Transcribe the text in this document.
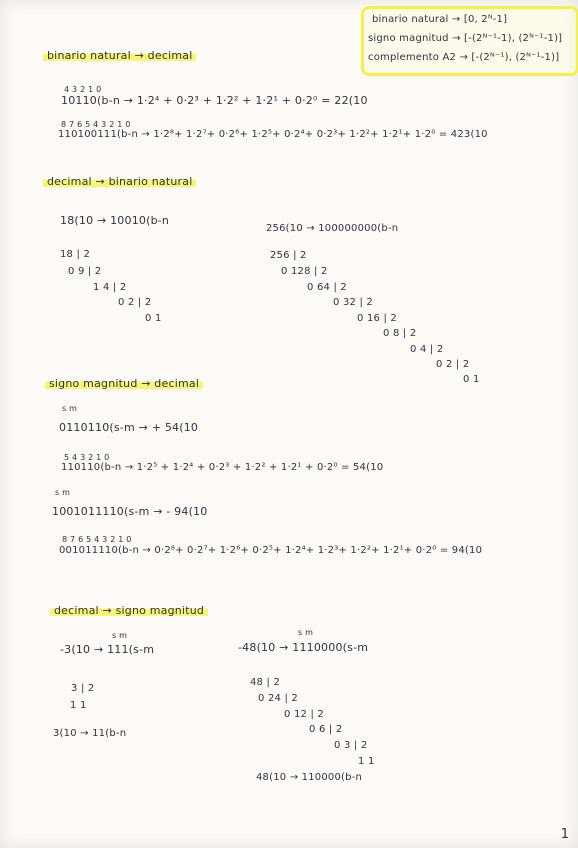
binario natural → [0, 2ᴺ-1]
signo magnitud → [-(2ᴺ⁻¹-1), (2ᴺ⁻¹-1)]
complemento A2 → [-(2ᴺ⁻¹), (2ᴺ⁻¹-1)]
binario natural → decimal
4 3 2 1 0
10110(b-n → 1·2⁴ + 0·2³ + 1·2² + 1·2¹ + 0·2⁰ = 22(10
8 7 6 5 4 3 2 1 0
110100111(b-n → 1·2⁸+ 1·2⁷+ 0·2⁶+ 1·2⁵+ 0·2⁴+ 0·2³+ 1·2²+ 1·2¹+ 1·2⁰ = 423(10
decimal → binario natural
18(10 → 10010(b-n
256(10 → 100000000(b-n
18 | 2
0 9 | 2
1 4 | 2
0 2 | 2
0 1
256 | 2
0 128 | 2
0 64 | 2
0 32 | 2
0 16 | 2
0 8 | 2
0 4 | 2
0 2 | 2
0 1
signo magnitud → decimal
s m
0110110(s-m → + 54(10
5 4 3 2 1 0
110110(b-n → 1·2⁵ + 1·2⁴ + 0·2³ + 1·2² + 1·2¹ + 0·2⁰ = 54(10
s m
1001011110(s-m → - 94(10
8 7 6 5 4 3 2 1 0
001011110(b-n → 0·2⁸+ 0·2⁷+ 1·2⁶+ 0·2⁵+ 1·2⁴+ 1·2³+ 1·2²+ 1·2¹+ 0·2⁰ = 94(10
decimal → signo magnitud
s m
-3(10 → 111(s-m
s m
-48(10 → 1110000(s-m
3 | 2
1 1
3(10 → 11(b-n
48 | 2
0 24 | 2
0 12 | 2
0 6 | 2
0 3 | 2
1 1
48(10 → 110000(b-n
1
